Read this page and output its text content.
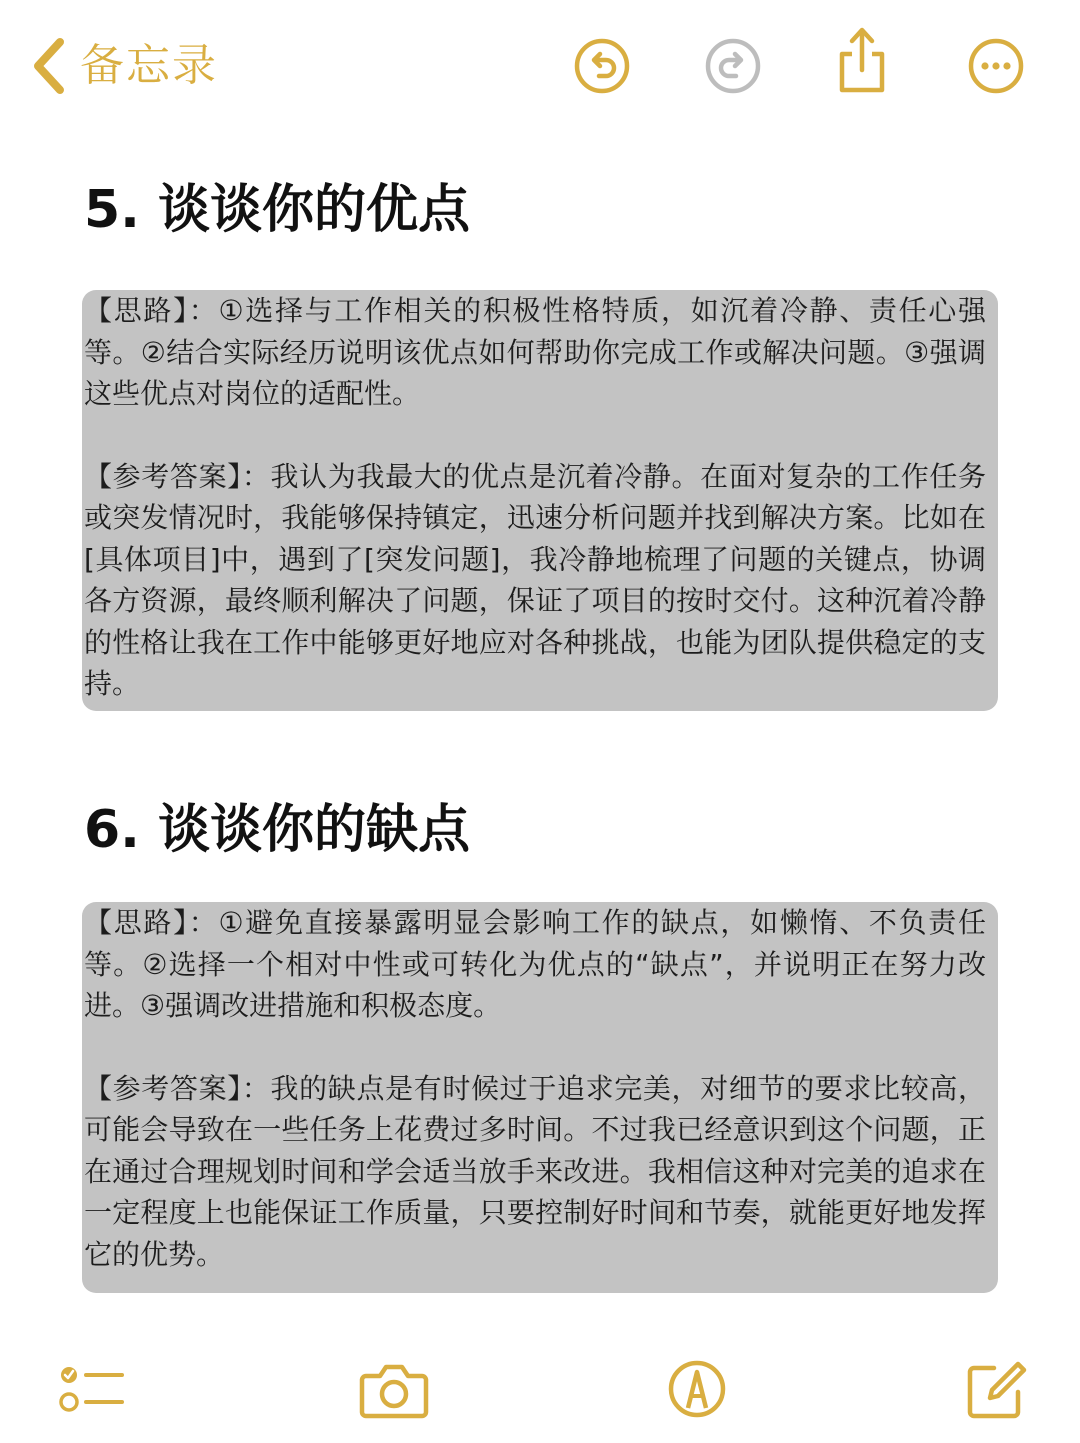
备忘录
5. 谈谈你的优点

【思路】：①选择与工作相关的积极性格特质，如沉着冷静、责任心强等。②结合实际经历说明该优点如何帮助你完成工作或解决问题。③强调这些优点对岗位的适配性。

【参考答案】：我认为我最大的优点是沉着冷静。在面对复杂的工作任务或突发情况时，我能够保持镇定，迅速分析问题并找到解决方案。比如在[具体项目]中，遇到了[突发问题]，我冷静地梳理了问题的关键点，协调各方资源，最终顺利解决了问题，保证了项目的按时交付。这种沉着冷静的性格让我在工作中能够更好地应对各种挑战，也能为团队提供稳定的支持。

6. 谈谈你的缺点

【思路】：①避免直接暴露明显会影响工作的缺点，如懒惰、不负责任等。②选择一个相对中性或可转化为优点的“缺点”，并说明正在努力改进。③强调改进措施和积极态度。

【参考答案】：我的缺点是有时候过于追求完美，对细节的要求比较高，可能会导致在一些任务上花费过多时间。不过我已经意识到这个问题，正在通过合理规划时间和学会适当放手来改进。我相信这种对完美的追求在一定程度上也能保证工作质量，只要控制好时间和节奏，就能更好地发挥它的优势。
